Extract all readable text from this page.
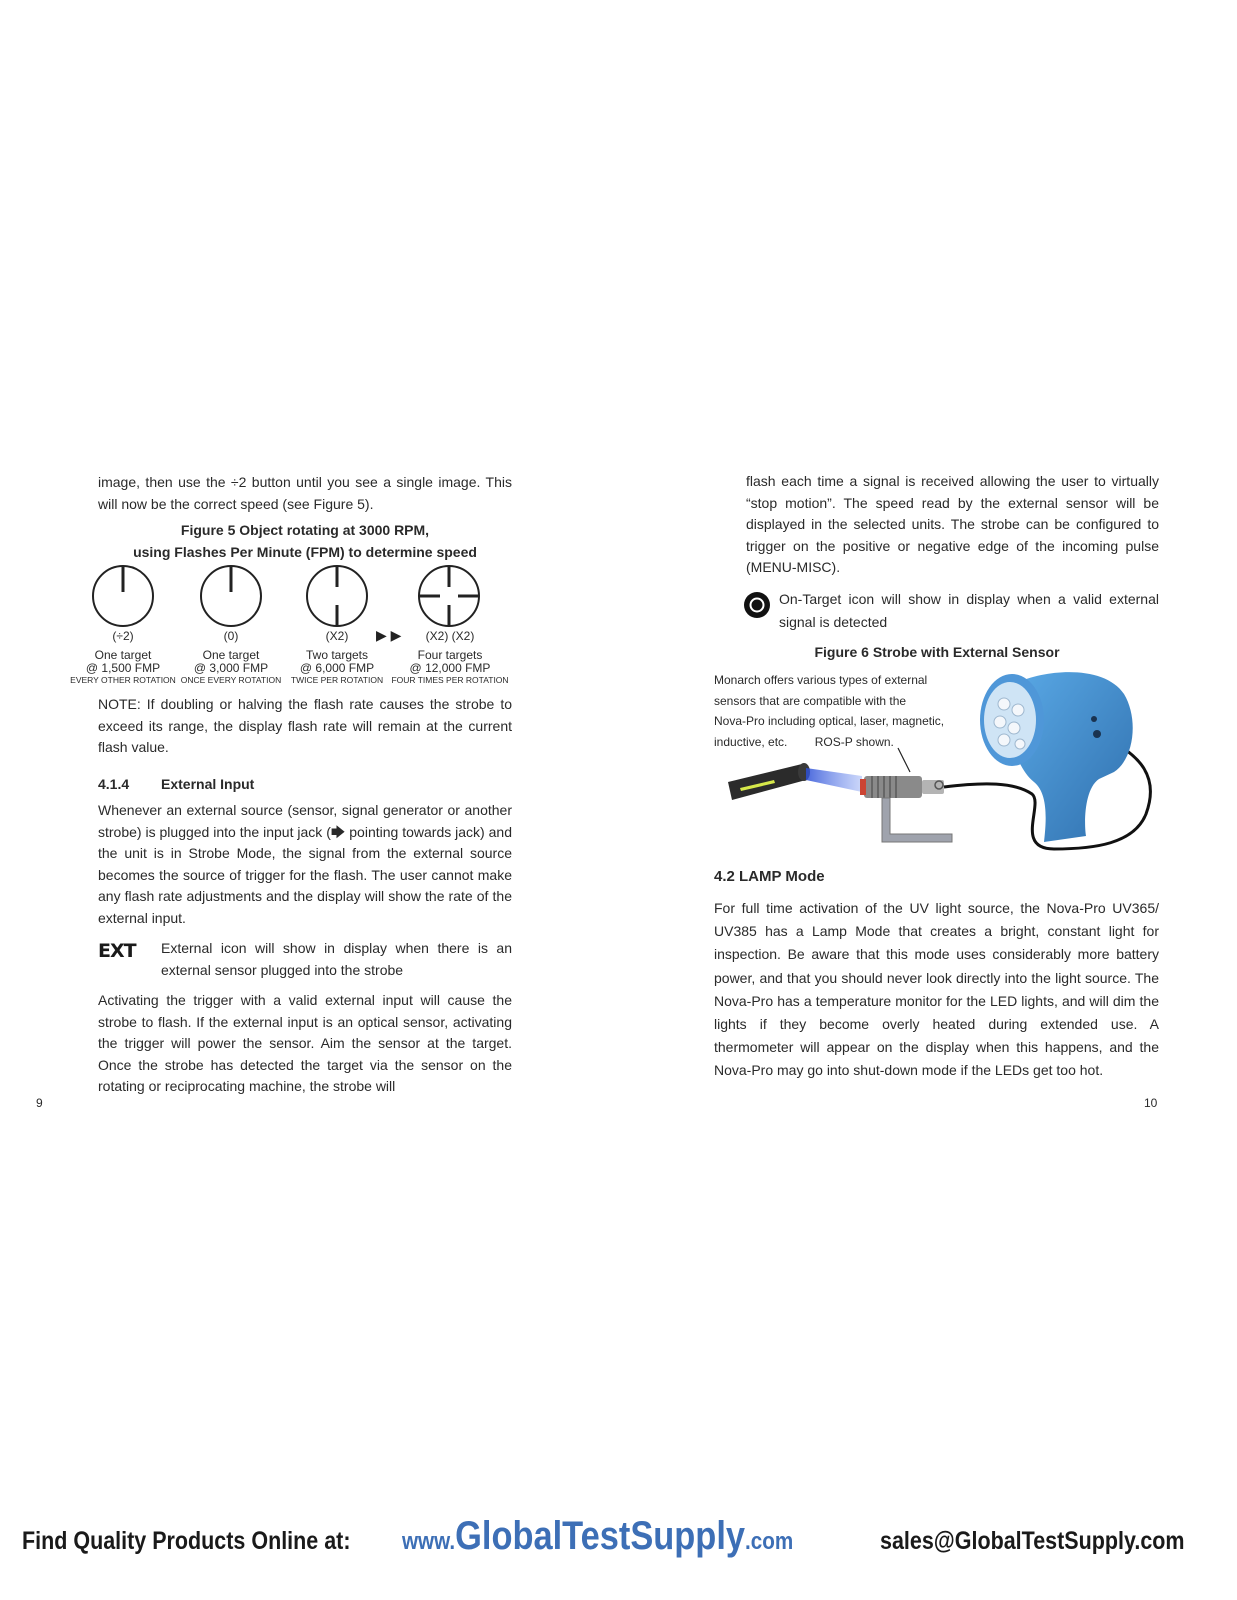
image, then use the ÷2 button until you see a single image. This will now be the correct speed (see Figure 5).

Figure 5 Object rotating at 3000 RPM,
using Flashes Per Minute (FPM) to determine speed
▶ ▶
(÷2)
One target
@ 1,500 FMP
EVERY OTHER ROTATION
(0)
One target
@ 3,000 FMP
ONCE EVERY ROTATION
(X2)
Two targets
@ 6,000 FMP
TWICE PER ROTATION
(X2) (X2)
Four targets
@ 12,000 FMP
FOUR TIMES PER ROTATION

NOTE: If doubling or halving the flash rate causes the strobe to exceed its range, the display flash rate will remain at the current flash value.

4.1.4 External Input

Whenever an external source (sensor, signal generator or another strobe) is plugged into the input jack (🡆 pointing towards jack) and the unit is in Strobe Mode, the signal from the external source becomes the source of trigger for the flash. The user cannot make any flash rate adjustments and the display will show the rate of the external input.

EXT External icon will show in display when there is an external sensor plugged into the strobe

Activating the trigger with a valid external input will cause the strobe to flash. If the external input is an optical sensor, activating the trigger will power the sensor. Aim the sensor at the target. Once the strobe has detected the target via the sensor on the rotating or reciprocating machine, the strobe will

9

flash each time a signal is received allowing the user to virtually “stop motion”. The speed read by the external sensor will be displayed in the selected units. The strobe can be configured to trigger on the positive or negative edge of the incoming pulse (MENU-MISC).

On-Target icon will show in display when a valid external signal is detected

Figure 6 Strobe with External Sensor
Monarch offers various types of external
sensors that are compatible with the
Nova-Pro including optical, laser, magnetic,
inductive, etc. ROS-P shown.
4.2 LAMP Mode

For full time activation of the UV light source, the Nova-Pro UV365/ UV385 has a Lamp Mode that creates a bright, constant light for inspection. Be aware that this mode uses considerably more battery power, and that you should never look directly into the light source. The Nova-Pro has a temperature monitor for the LED lights, and will dim the lights if they become overly heated during extended use. A thermometer will appear on the display when this happens, and the Nova-Pro may go into shut-down mode if the LEDs get too hot.

10
Find Quality Products Online at: www.GlobalTestSupply.com	sales@GlobalTestSupply.com
